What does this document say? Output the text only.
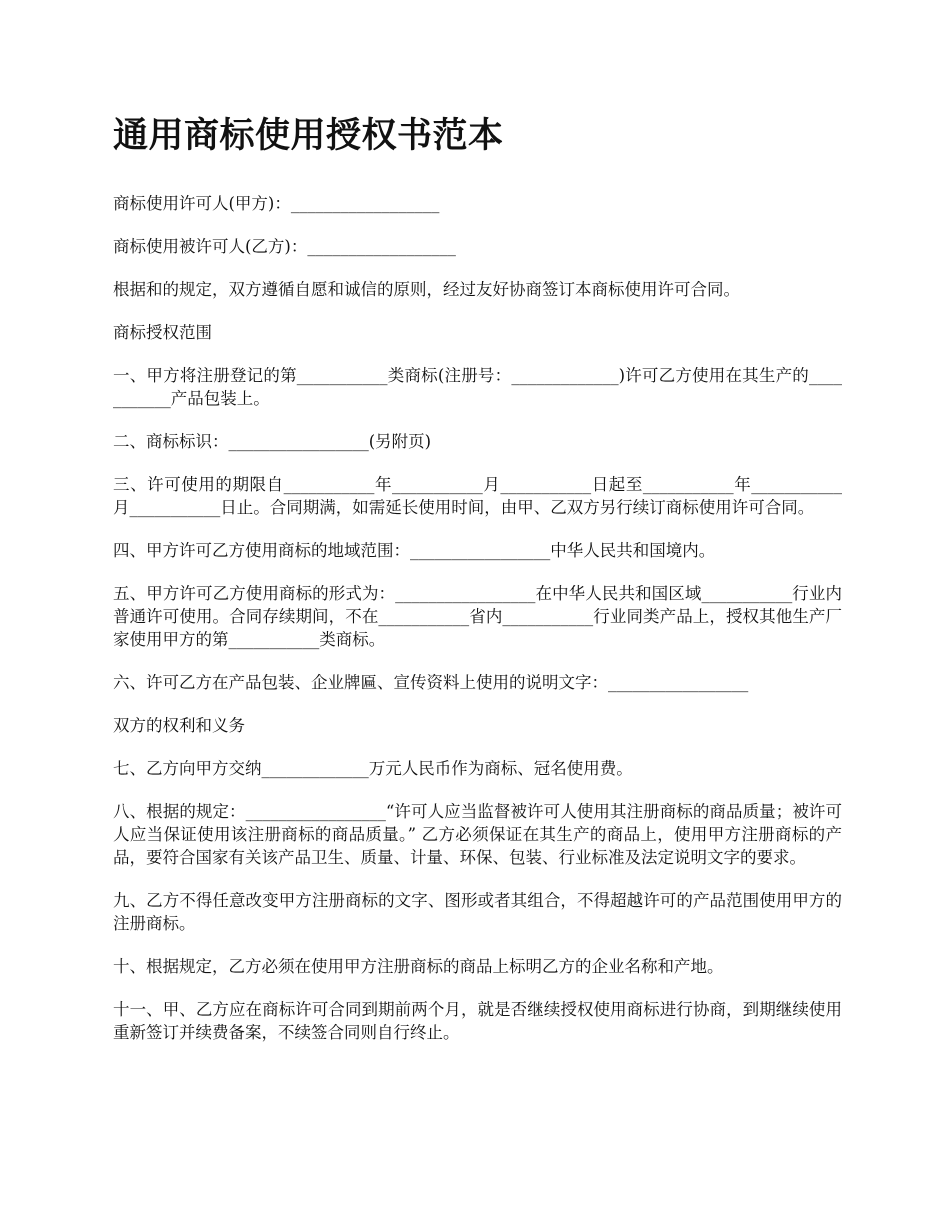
通用商标使用授权书范本

商标使用许可人(甲方)：__________________

商标使用被许可人(乙方)：__________________

根据和的规定，双方遵循自愿和诚信的原则，经过友好协商签订本商标使用许可合同。

商标授权范围

一、甲方将注册登记的第___________类商标(注册号：_____________)许可乙方使用在其生产的___________产品包装上。

二、商标标识：_________________(另附页)

三、许可使用的期限自___________年___________月___________日起至___________年___________月___________日止。合同期满，如需延长使用时间，由甲、乙双方另行续订商标使用许可合同。

四、甲方许可乙方使用商标的地域范围：_________________中华人民共和国境内。

五、甲方许可乙方使用商标的形式为：_________________在中华人民共和国区域___________行业内普通许可使用。合同存续期间，不在___________省内___________行业同类产品上，授权其他生产厂家使用甲方的第___________类商标。

六、许可乙方在产品包装、企业牌匾、宣传资料上使用的说明文字：_________________

双方的权利和义务

七、乙方向甲方交纳_____________万元人民币作为商标、冠名使用费。

八、根据的规定：_________________“许可人应当监督被许可人使用其注册商标的商品质量；被许可人应当保证使用该注册商标的商品质量。” 乙方必须保证在其生产的商品上，使用甲方注册商标的产品，要符合国家有关该产品卫生、质量、计量、环保、包装、行业标准及法定说明文字的要求。

九、乙方不得任意改变甲方注册商标的文字、图形或者其组合，不得超越许可的产品范围使用甲方的注册商标。

十、根据规定，乙方必须在使用甲方注册商标的商品上标明乙方的企业名称和产地。

十一、甲、乙方应在商标许可合同到期前两个月，就是否继续授权使用商标进行协商，到期继续使用重新签订并续费备案，不续签合同则自行终止。
